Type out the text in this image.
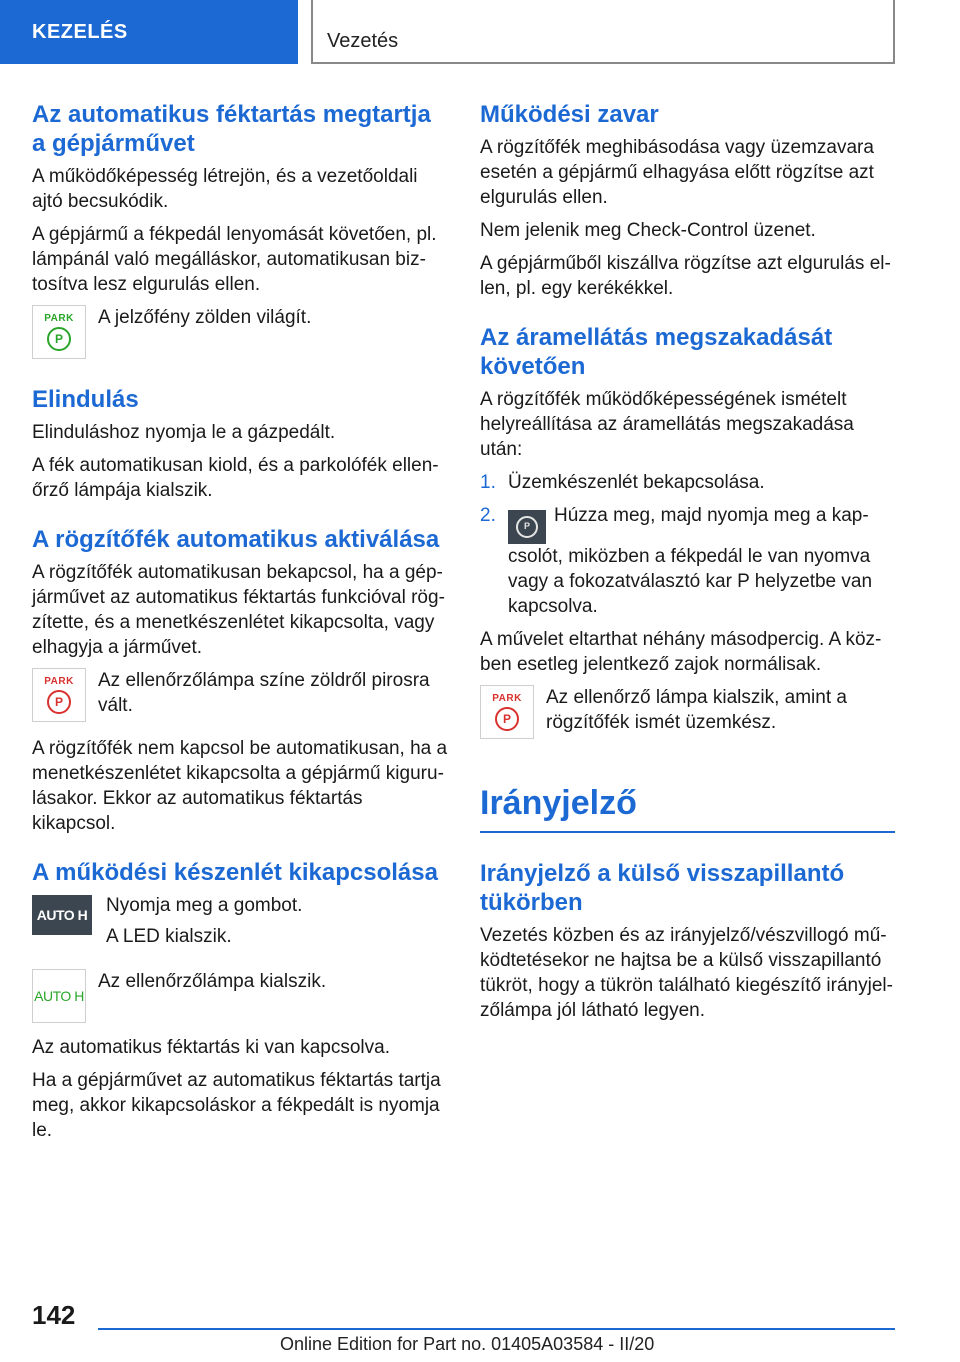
KEZELÉS	Vezetés
Az automatikus féktartás megtartja a gépjárművet

A működőképesség létrejön, és a vezetőoldali ajtó becsukódik.

A gépjármű a fékpedál lenyomását követően, pl. lámpánál való megálláskor, automatikusan biztosítva lesz elgurulás ellen.

PARK
P

A jelzőfény zölden világít.

Elindulás

Elinduláshoz nyomja le a gázpedált.

A fék automatikusan kiold, és a parkolófék ellenőrző lámpája kialszik.

A rögzítőfék automatikus aktiválása

A rögzítőfék automatikusan bekapcsol, ha a gépjárművet az automatikus féktartás funkcióval rögzítette, és a menetkészenlétet kikapcsolta, vagy elhagyja a járművet.

PARK
P

Az ellenőrzőlámpa színe zöldről pirosra vált.

A rögzítőfék nem kapcsol be automatikusan, ha a menetkészenlétet kikapcsolta a gépjármű kigurulásakor. Ekkor az automatikus féktartás kikapcsol.

A működési készenlét kikapcsolása
AUTO H Nyomja meg a gombot.

A LED kialszik.

AUTO H

Az ellenőrzőlámpa kialszik.

Az automatikus féktartás ki van kapcsolva.

Ha a gépjárművet az automatikus féktartás tartja meg, akkor kikapcsoláskor a fékpedált is nyomja le.

Működési zavar

A rögzítőfék meghibásodása vagy üzemzavara esetén a gépjármű elhagyása előtt rögzítse azt elgurulás ellen.

Nem jelenik meg Check-Control üzenet.

A gépjárműből kiszállva rögzítse azt elgurulás ellen, pl. egy kerékékkel.

Az áramellátás megszakadását követően

A rögzítőfék működőképességének ismételt helyreállítása az áramellátás megszakadása után:

1. Üzemkészenlét bekapcsolása.
2.	P	Húzza meg, majd nyomja meg a kapcsolót, miközben a fékpedál le van nyomva vagy a fokozatválasztó kar P helyzetbe van kapcsolva.

A művelet eltarthat néhány másodpercig. A közben esetleg jelentkező zajok normálisak.

PARK
P

Az ellenőrző lámpa kialszik, amint a rögzítőfék ismét üzemkész.

Irányjelző
Irányjelző a külső visszapillantó tükörben

Vezetés közben és az irányjelző/vészvillogó működtetésekor ne hajtsa be a külső visszapillantó tükröt, hogy a tükrön található kiegészítő irányjelzőlámpa jól látható legyen.

142
Online Edition for Part no. 01405A03584 - II/20
